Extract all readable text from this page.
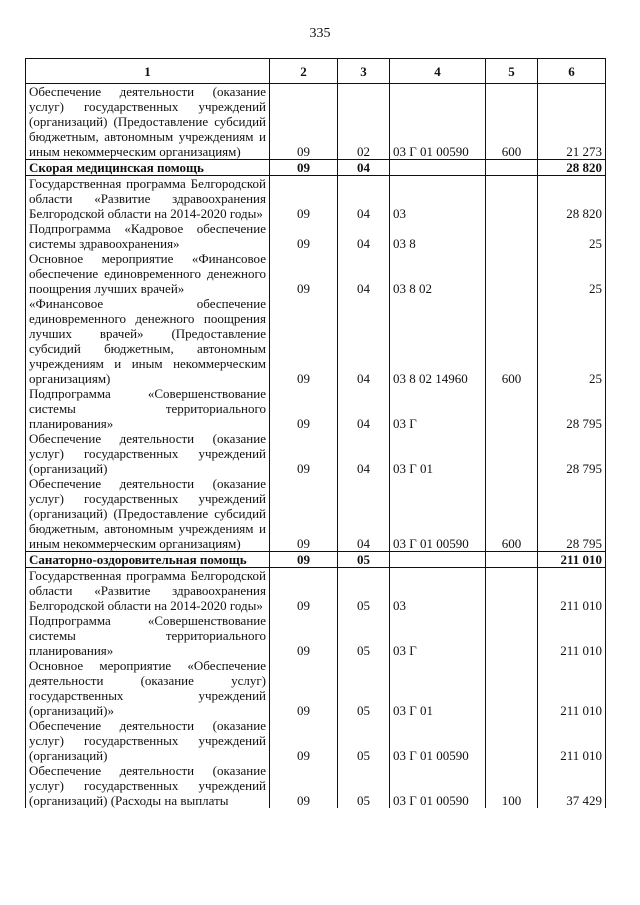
335
1	2	3	4	5	6
Обеспечение деятельности (оказание услуг) государственных учреждений (организаций) (Предоставление субсидий бюджетным, автономным учреждениям и иным некоммерческим организациям)	09	02	03 Г 01 00590	600	21 273
Скорая медицинская помощь	09	04			28 820
Государственная программа Белгородской области «Развитие здравоохранения Белгородской области на 2014-2020 годы»	09	04	03		28 820
Подпрограмма «Кадровое обеспечение системы здравоохранения»	09	04	03 8		25
Основное мероприятие «Финансовое обеспечение единовременного денежного поощрения лучших врачей»	09	04	03 8 02		25
«Финансовое обеспечение единовременного денежного поощрения лучших врачей» (Предоставление субсидий бюджетным, автономным учреждениям и иным некоммерческим организациям)	09	04	03 8 02 14960	600	25
Подпрограмма «Совершенствование системы территориального планирования»	09	04	03 Г		28 795
Обеспечение деятельности (оказание услуг) государственных учреждений (организаций)	09	04	03 Г 01		28 795
Обеспечение деятельности (оказание услуг) государственных учреждений (организаций) (Предоставление субсидий бюджетным, автономным учреждениям и иным некоммерческим организациям)	09	04	03 Г 01 00590	600	28 795
Санаторно-оздоровительная помощь	09	05			211 010
Государственная программа Белгородской области «Развитие здравоохранения Белгородской области на 2014-2020 годы»	09	05	03		211 010
Подпрограмма «Совершенствование системы территориального планирования»	09	05	03 Г		211 010
Основное мероприятие «Обеспечение деятельности (оказание услуг) государственных учреждений (организаций)»	09	05	03 Г 01		211 010
Обеспечение деятельности (оказание услуг) государственных учреждений (организаций)	09	05	03 Г 01 00590		211 010
Обеспечение деятельности (оказание услуг) государственных учреждений (организаций) (Расходы на выплаты	09	05	03 Г 01 00590	100	37 429
